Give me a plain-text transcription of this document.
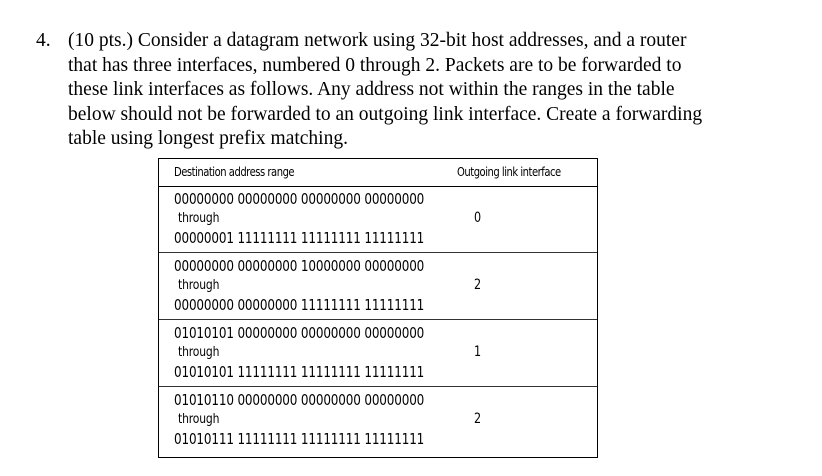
4. (10 pts.) Consider a datagram network using 32-bit host addresses, and a router

that has three interfaces, numbered 0 through 2. Packets are to be forwarded to

these link interfaces as follows. Any address not within the ranges in the table

below should not be forwarded to an outgoing link interface. Create a forwarding

table using longest prefix matching.

Destination address range	Outgoing link interface
00000000 00000000 00000000 00000000
through
00000001 11111111 11111111 11111111
0
00000000 00000000 10000000 00000000
through
00000000 00000000 11111111 11111111
2
01010101 00000000 00000000 00000000
through
01010101 11111111 11111111 11111111
1
01010110 00000000 00000000 00000000
through
01010111 11111111 11111111 11111111
2
